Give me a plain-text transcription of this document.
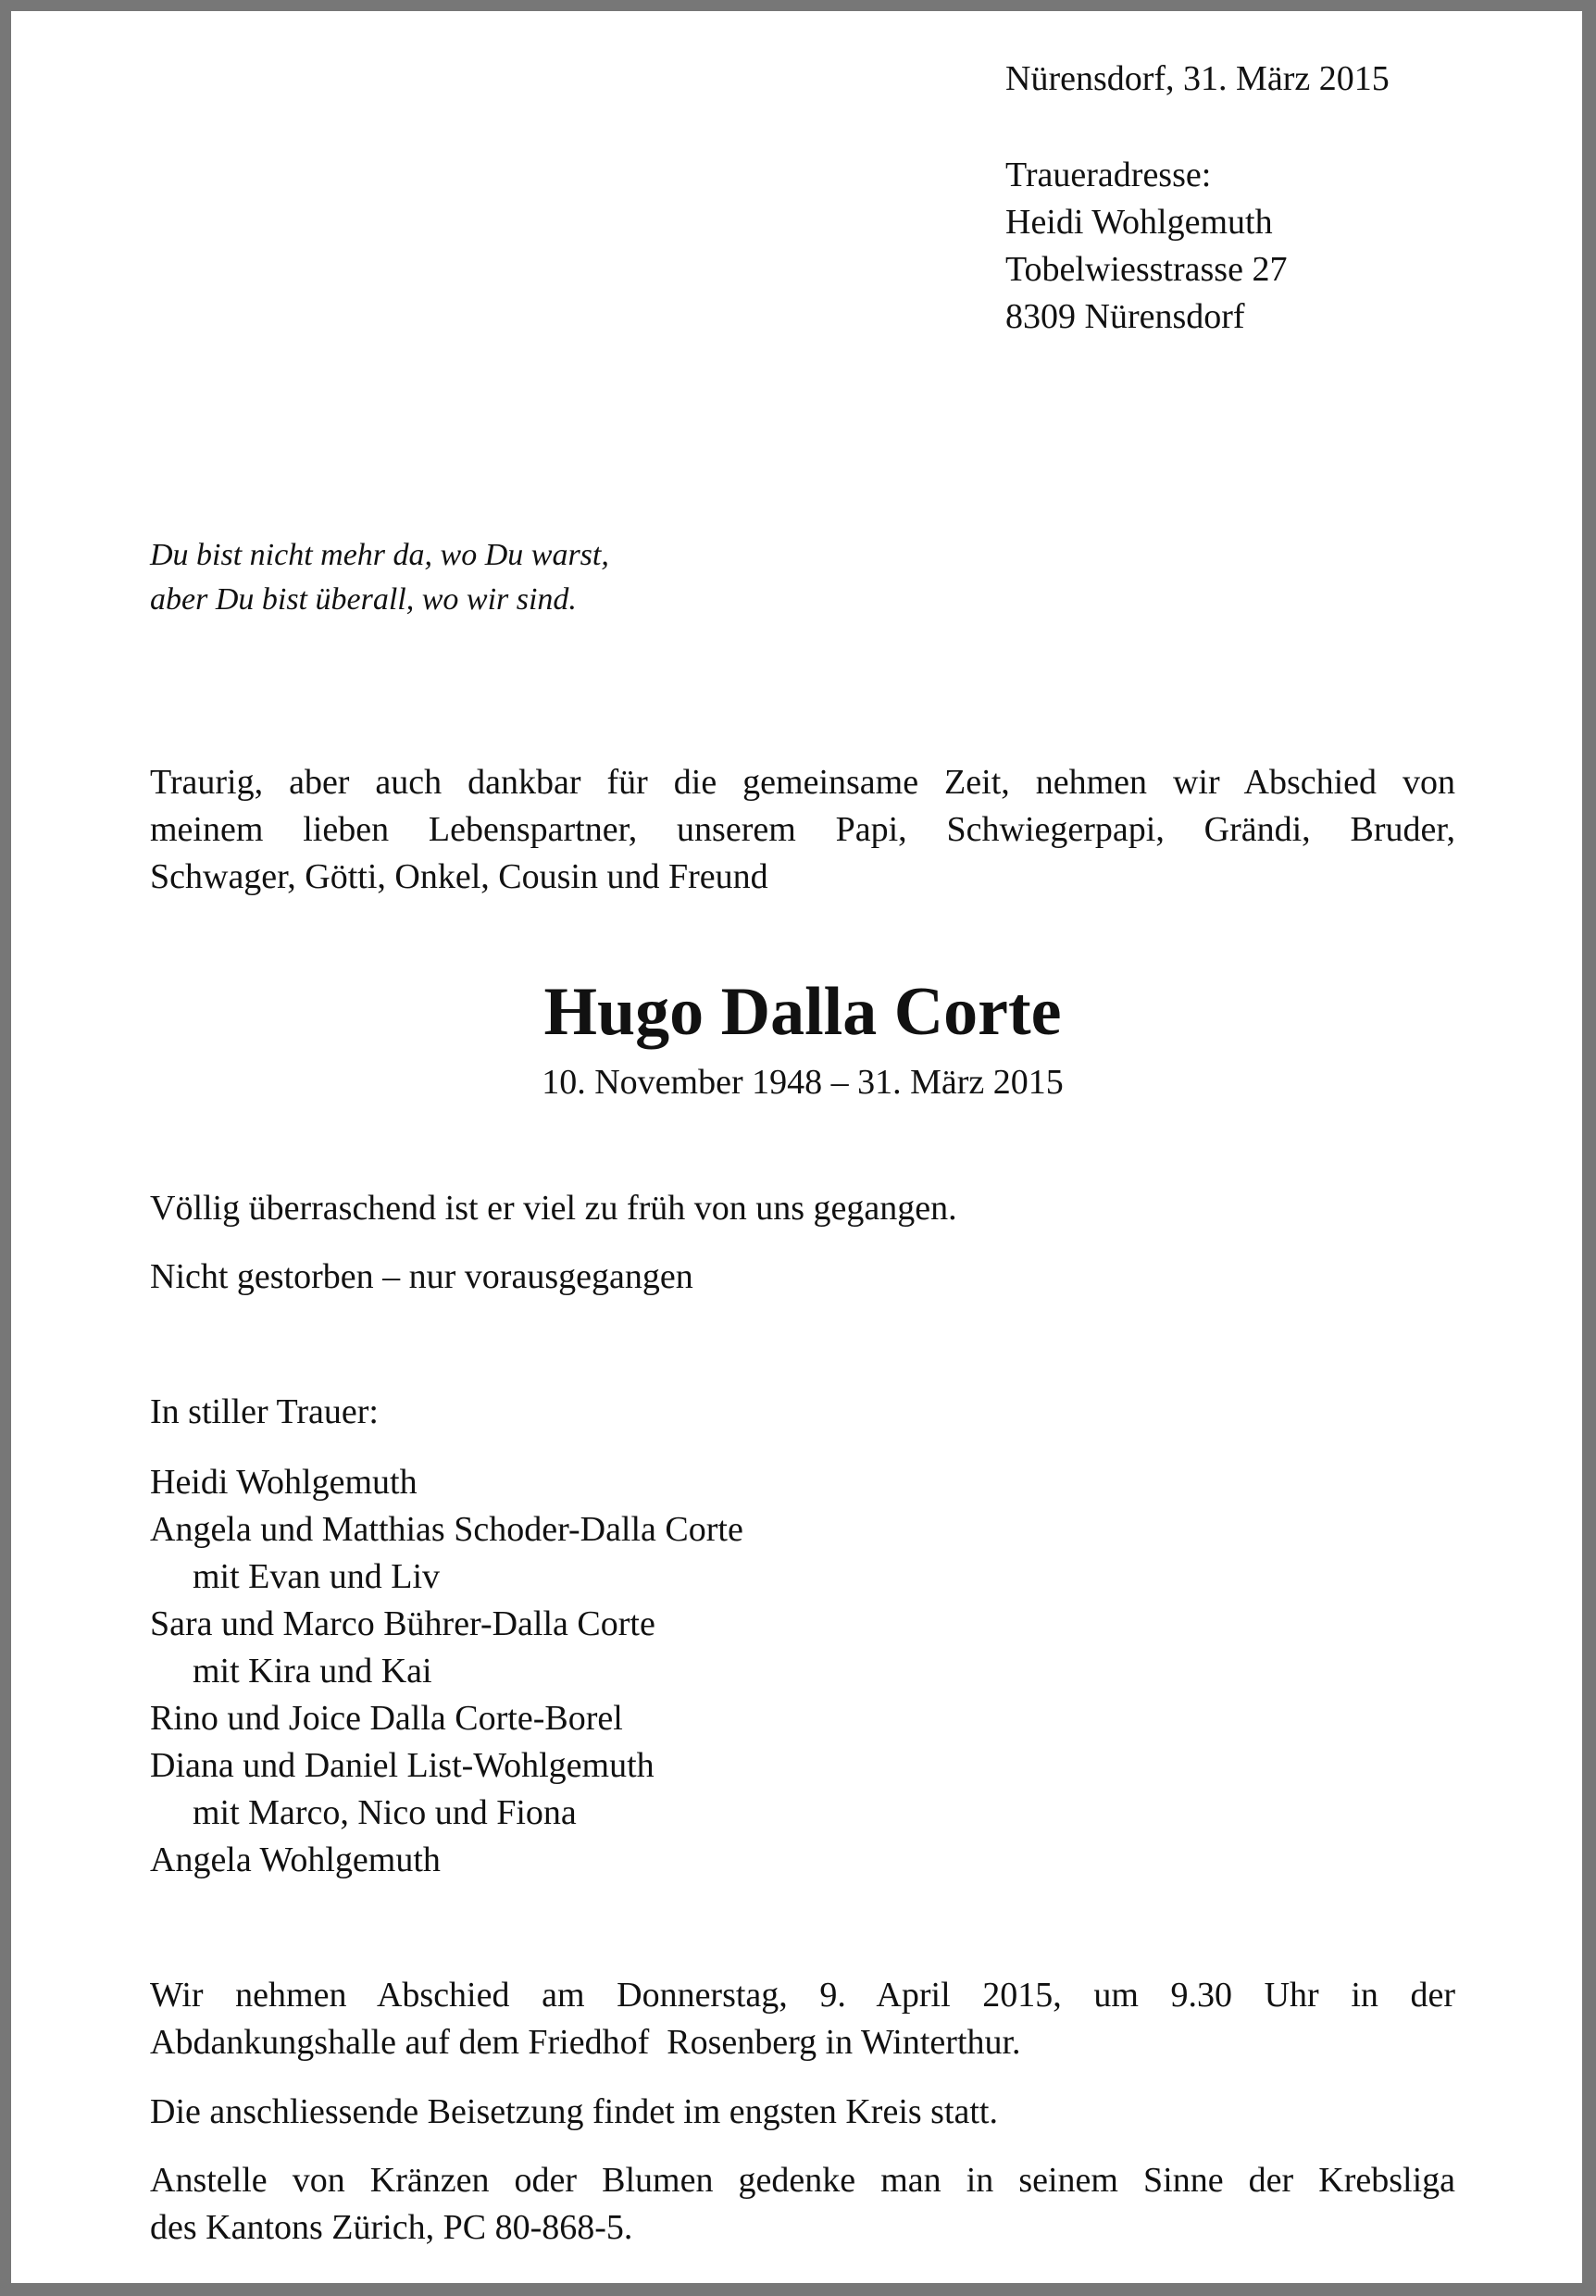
Nürensdorf, 31. März 2015
Traueradresse:
Heidi Wohlgemuth
Tobelwiesstrasse 27
8309 Nürensdorf
Du bist nicht mehr da, wo Du warst,
aber Du bist überall, wo wir sind.
Traurig, aber auch dankbar für die gemeinsame Zeit, nehmen wir Abschied von
meinem lieben Lebenspartner, unserem Papi, Schwiegerpapi, Grändi, Bruder,
Schwager, Götti, Onkel, Cousin und Freund
Hugo Dalla Corte
10. November 1948 – 31. März 2015
Völlig überraschend ist er viel zu früh von uns gegangen.
Nicht gestorben – nur vorausgegangen
In stiller Trauer:
Heidi Wohlgemuth
Angela und Matthias Schoder-Dalla Corte
mit Evan und Liv
Sara und Marco Bührer-Dalla Corte
mit Kira und Kai
Rino und Joice Dalla Corte-Borel
Diana und Daniel List-Wohlgemuth
mit Marco, Nico und Fiona
Angela Wohlgemuth
Wir nehmen Abschied am Donnerstag, 9. April 2015, um 9.30 Uhr in der
Abdankungshalle auf dem Friedhof  Rosenberg in Winterthur.
Die anschliessende Beisetzung findet im engsten Kreis statt.
Anstelle von Kränzen oder Blumen gedenke man in seinem Sinne der Krebsliga
des Kantons Zürich, PC 80-868-5.
